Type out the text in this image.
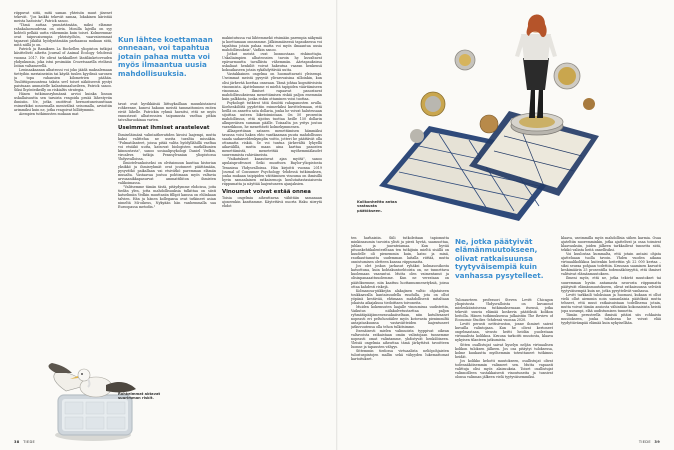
riippuvat siitä, mitä saman yhteisön muut jäsenet tekevät. "Jos kaikki tekevät samaa, lokakinen käristää meista haitoista", Patrick sanoo.

"Tämä auttaa ymmärtämään, miksi elämme rahakalaosuudessa on oivia. Monilla lajeilla on syy kohteli pelkää uutta vähemmän kuin toiset. Kolmeenmar ovat taipuvaisempia yhteistyöhön, vaarvaisemmat tapaavat jäkäliä hyödyntämään parhaansa mukaan siitä, mitä niillä jo on.

Patrick ja Ramiksen La Rochellen yliopiston tutkijat käsittelivät aihetta Journal of Animal Ecology -lehdessä vuonna 2017. He olivat tarkkailleet läntilänketoveuden yhdynkumia, joka istui pesimään Crozetsaarilla etelässä Intian valtamerellä.

Leninaakaanan albatrossi voi joko jäädä maksalemaan tiettyihin meriaineisiin tai käydä tuulen kyydissä saronen ja topa rahansien kilometrien päähän. Tuulittiiposuuntena taksta sevl toiset näköiseesti pystyi paistuaan ammatelle kalantumaalueileen, Patrick sanoo. Siksi lhyönteikeilly on riskialtis strategia.

Hänen tutkimusryhmänsä arvioi kuinka linnun uskallaisuutta sen taruista reagoida pesää lähestyviin ihmisiin. Ne, jotka osoittivat hermostuneisuuttaan esimerkiksi nousemalla menivälisä seisomalla, arvioitiin arimmiksi kuin ne, jotka reagoivat hilliitymmin.

Aiempien tutkimusten mukaan mat

Kun lähtee koettamaan onneaan, voi tapahtua jotain pahaa mutta voi myös ilmaantua uusia mahdollisuuksia.

tavat ovat kyvikkäisiä liittuykaillaan muunkistaisesi rohkeenne, kunesi hakuun meistä tammattomien eniten eivät lähelle. Patrickin ryhmä havaitsi, että ne myös ennustavat albatrossien taipumusta vaeltaa pitkin tatvaltaruokinaa varten.

Useimmat ihmiset arastelevat

Ihmiseläimäsä valintaitheratiden kiroisi laajempi, mutta kaksi valittelua ne useita turaltia missäkin. "Pulmatilanteet, joissa pitää valita hyödyllähillä vaeltaa voi etsiäkö uutta, katsovat biologisten mutkilkunien kiinnostavia", sanoo sosiaalipsykologi Daniel Vedkin, viroaleva tutkija Pennsylvanian yliopistossa Yhdysvalloissa.

Ilmiotelvankoiseksi on olvitaimuun kauttaa historian yksikkö ja ihmisryhmät ovat joutuneet päättämään, pysyvätkö paikallaan vai etsivätkö paremman elämän muualta. Vastaavaa joutuu pohtimaan myös valtavia arvoaanikkapasurvat ammattiliiton ihmisten valikoimassa.

"Valitsemme tämän tästä, pitäydymme ehdoissa, joita tiedän ylen, jotta mahdollisuuksia tulkittaa on siisti katselimiin Vedkin muuttasiin fillipit kanssa on ehlinkaan talvien. Hän ja hänen kollegansa ovat tutkineet asian nimeltä Mi-oikeus, Nykyään hän vanhemmalla saa Euroopassa metodin."

makintutussa vai lähtemmekö etsimään parempia näkymiä ja koettamaan onneamme. Jälkimmäisessä tapauksessa voi tapahtua jotain pahaa mutta voi myös ilmaantua uusia mahdollisuuksia", Vadkin sanoo.

Jotkut meistä ovat luonnostaan riskinottajia. Uskaliaimpien albatrossien tavoin he kuvaltavat epävarmuutta tavalliista vähemmän. Äärtapauksissa uskaliaat henkilöt voivat hakeutua vaaran henkensä kokoaikaseen jotain sykähdyttävää uutta.

Vastakkainen ongelma on huomattavasti yleisempi. Useimmat meistä pysyvät ylivarovaisina silloinkin, kun olisi järkevää koettaa onneaan. Tämä johtaa kognitiivisista vinoumista. Ajattelumme ei mieltä tapipiden väärtämiseen vinoumaa. Ihmiset rapaavat panostavat mahdollisuuksiensa menettämisen riskiä paljon enemmän kuin palkkiota, jonka riskin ottaminen voisi tuottaa.

Psykologit tutkivat tätä ilmiötä rahapanosten avulla. Koehenkilöitä pyydettiin esimerkiksi kuvittelemaan, että heillä on annettu sata dollaria, jonka he voivat halutessaan sijoittaa uuteen liiketoimintaan. On 50 prosentin mahdollisuus, että sijoitus tuottaa heille 150 dollarin alkuperäisen summan päälle. Toisaalta jos yritys joutuu vararikkoon, he menettävät kolmekymmenen.

Allaapertiinan satasen menettämisen hämmäksi tavassa voisi hakea ehto vantkaaman puuta mahdollisuus saada sadanveldenkymplin voitto, jotteri he päättävät olla ottamatta riskiä. Se voi tuntua järkevältä lyhyellä aikavälillä, mutta maan aina karttaa panosten menettämistä, menetettää myöhemmiälaudet suuremmista rahiväineista.

"Vaikutukset kasautuvat ajan myötä", sanoo apulaisprofessori Seiki muuttuva Baylor-yliopistosta Texasissa Yhdysvalloissa. Hän kirjoitti vuonna 2019 Journal of Consumer Psychology -lehdessä tutkimuksen, jonka mukaan taipipiden väittämisen vinouma on ihmisillä hyvin samanlainen ratkaisemoja koulutaitastasiaisesta riippumatta ja näyttää laajentuneen ajanjaksien.

Vinoumat voivat estää onnea

Toisia ongelmia aiheuttavaa vähittäin samanaan ajoneenkin kanttamme. Käytettävä nuorta Haku siirrytä ehdot

Rohkeimmat aktavat suurimman riskit.
38 TIEDE
Kolikonheitto antaa vastausta päätökseen.

ten harhaisiin. Siili tutkoleitaan tapiomutta minkinsaumin tavoista ylisti ja pierä hyvää, saamuottaa, juhlan ja juavateiamaa. Kun hyvää pituuskehtikalenteriltaan ten tutkijiuin mieltä sisällä on kuudelle oli pienemmin kuin, katso ja minä, rautkauttamutta uudemman laitalla riittää, mutta onnistumisen oletteen kanssa riippumatta.

Jos olet joskus jarkasut ryhäksi kolmasosikosta katsottuna, kuin kohtakuntoehtoista on, ne tunnettava kuolemaan vaarantui. Mutta olen vaimentanut ja olisinpanaaattuuolemme. Kun ne verrataan on päätöksemme, niin kaattuu luottamusmenetyksiä, joissa ottaa kahdesti riskejä.

Kolmasosa-piikkejän alakajinen valtio ohjataiseen toukkaavalla kantaisuudella ruudulla, jota on ollut yöpänä kestävää, ehtimaan mahdollisesti mitaltaan jokaista aikajaksoa tiedoittaen toivoneita.

Muiden kokemusten laajalle vinoumissa uudistettin, Vaikutus niilakulvetustarttaa paljon ryhmätäpääjämenvassakaiiseltaan, niin kutulivaanet nopeasti eri peltohoutäilee myös kotovasta pienimmiltä antajataskuunsa vastaväitteiden laajentuneet jatkuvuutensa olla tehon tulkitsimme.

Itsenäisesti mielen valinnoista tyyppivat oikean valtavoista ratkaistaan omiin valintojaan tunnemme nopeasti omat valintamme, yhdistyvät henkilöineen. Yleisiä ongelmia aiheuttaa tämä järkyttävä tavoitteen luonne ja tapausten vähyys.

Sittemmin tiedossa virtuaalista neliöpohjaisten tulostuspintojen mallin sekä vähyyden lukemattomat kartoitukset.

Ne, jotka päätyivät elämänmuutokseen, olivat ratkaisuunsa tyytyväisempiä kuin vanhassa pysytelleet.

Tulosaurteen professori Steven Levitt Chicagon yliopistosta Yhdysvalloista on kuvannut mielenkiintoisessa tutkimuksessaan itsensä, jotka tekevät suuria elämää koskevia päätöksiä kolikon heitolla. Hänen tutkimuksensa julkaistiin The Review of Economic Studies -lehdessä vuonna 2020.

Levitt perusti nettisivuston, jonne ihmiset saivat kuvailla valintojaan. Kun he olivat kertoneet ongelmastaan, sivusto heitti heidän puolestaan virtuaalista kolikkoa. Kruuna tarkoitti muutosta, klaava nykyisen tilanteen jatkumista.

Sitten osallistujat saivat kyselyn neljän virtuaalisen kolikon tuloksen jälkeen. Jos osa pitäytyi tuloksessa, kolme kuukautta myöhemmin toteuttaneet tutkimus heidät.

Jos kolikko kehotti muutokseen, osallistujat olivat todennäköisemmin valinneet sen. Mutta vapaasti valittuja olisi myös alaisuuksia. Toiset osallistujat valinnoilleen vastakkaisesti vinoutuneita ja tunsivat olonsa valinnan jälkeen vielä tyytyväisemmiksi.

klaava, useimmilla myös mahdollisia siihen karmia. Osaa ajateltiin nuoremminkin, jotka ajattelivat ja osaa toimivat klaavauksiin, joiden jälkeen tarkkailivat tunnetta siitä, tekikö valinta heitä onnellisiksi.

Voi kuulostaa kummalta, että jotain antaisi ohjata ajatteluaan tuolla tavoin. Yhden vuoden aikana virtuaalikolikkoa kuitenkin heitettiin yli 22 000 kertaa – siksi seuraa pohjaan todettiin. Kruunan saaminen kasvatti keskimäärin 25 prosentilla todennäköisyyttä, että ihmiset valitsivat elämänmuutoksen.

Ilmeni myös, että ne, jotka tekivät muutokset tai suuremman hyvän antamasta neuvosta riippumatta päätyivät elämänmuutokseen, olivat ratkaisuunsa selvästi tyytyväisempiä kuin ne, jotka pysyttelivät vanhassa.

Levitt tarkkaili tuloksiaan ja huomasi, kukaan ei ollut vielä ollut aiemmin noin samanlaisia päätöksiä mutta tehneet, että muut ratkaisuistaan todellisessa jotain, mutta voivat tämän ansiosta vähintään kokonaisista heistä jopa useampi, elää uudistumisen tunnetta.

Tämän perusteella ihmisiä pitäisi siis rohkaista muutokseen, jonka tuloksena he voivat elää tyydyttävämpää elämää kuin nykyisellään.

TIEDE 39
